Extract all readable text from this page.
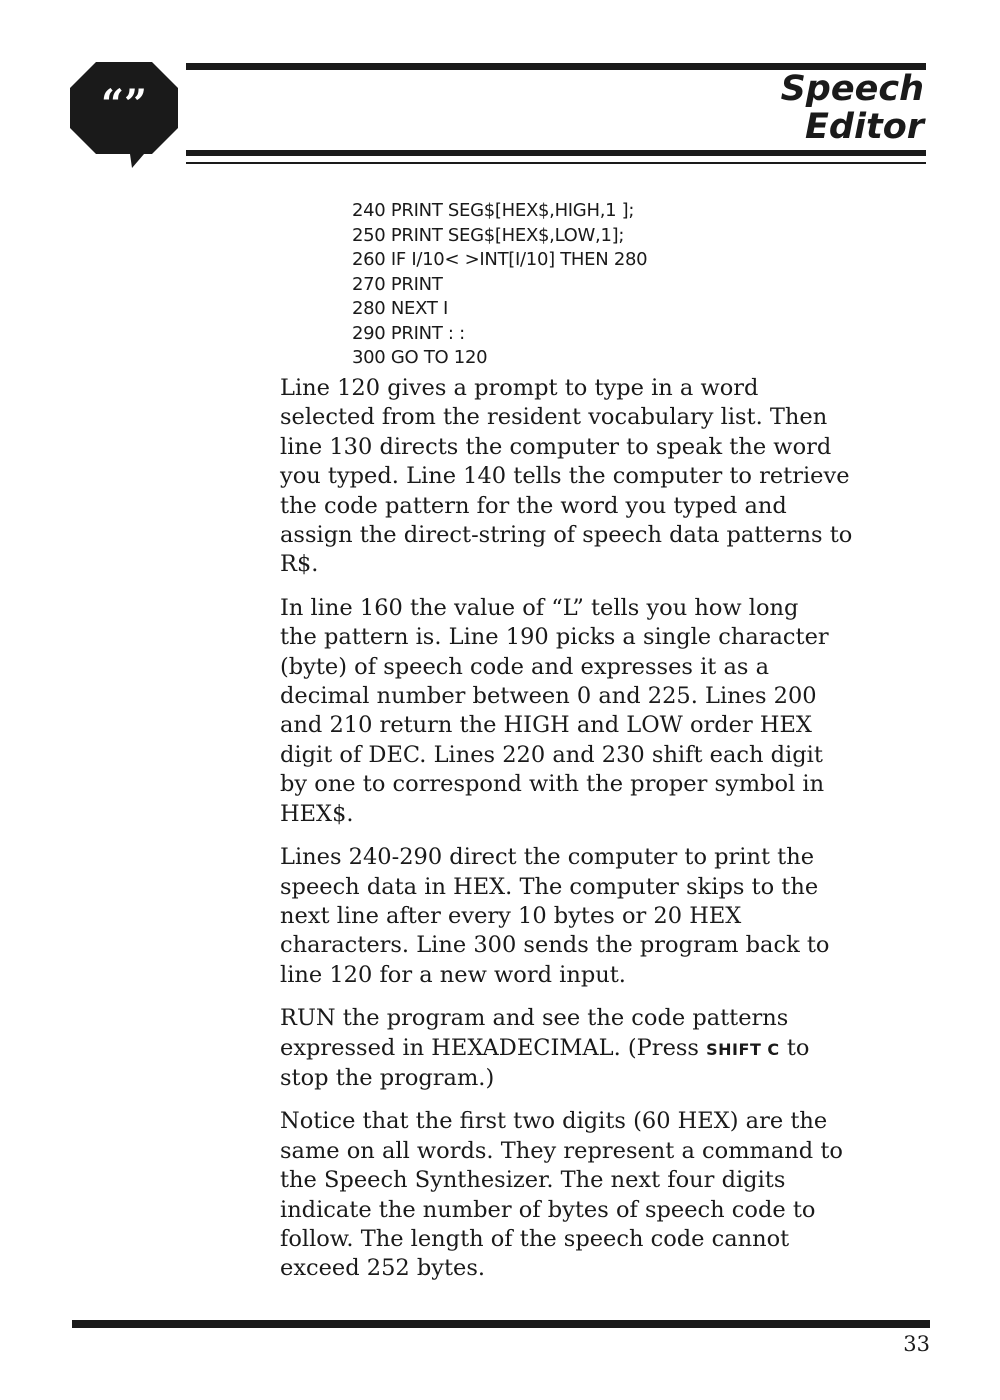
“”	Speech
Editor
240 PRINT SEG$[HEX$,HIGH,1 ];
250 PRINT SEG$[HEX$,LOW,1];
260 IF I/10< >INT[I/10] THEN 280
270 PRINT
280 NEXT I
290 PRINT : :
300 GO TO 120

Line 120 gives a prompt to type in a word
selected from the resident vocabulary list. Then
line 130 directs the computer to speak the word
you typed. Line 140 tells the computer to retrieve
the code pattern for the word you typed and
assign the direct-string of speech data patterns to
R$.

In line 160 the value of “L” tells you how long
the pattern is. Line 190 picks a single character
(byte) of speech code and expresses it as a
decimal number between 0 and 225. Lines 200
and 210 return the HIGH and LOW order HEX
digit of DEC. Lines 220 and 230 shift each digit
by one to correspond with the proper symbol in
HEX$.

Lines 240-290 direct the computer to print the
speech data in HEX. The computer skips to the
next line after every 10 bytes or 20 HEX
characters. Line 300 sends the program back to
line 120 for a new word input.

RUN the program and see the code patterns
expressed in HEXADECIMAL. (Press SHIFT C to
stop the program.)

Notice that the first two digits (60 HEX) are the
same on all words. They represent a command to
the Speech Synthesizer. The next four digits
indicate the number of bytes of speech code to
follow. The length of the speech code cannot
exceed 252 bytes.

33
